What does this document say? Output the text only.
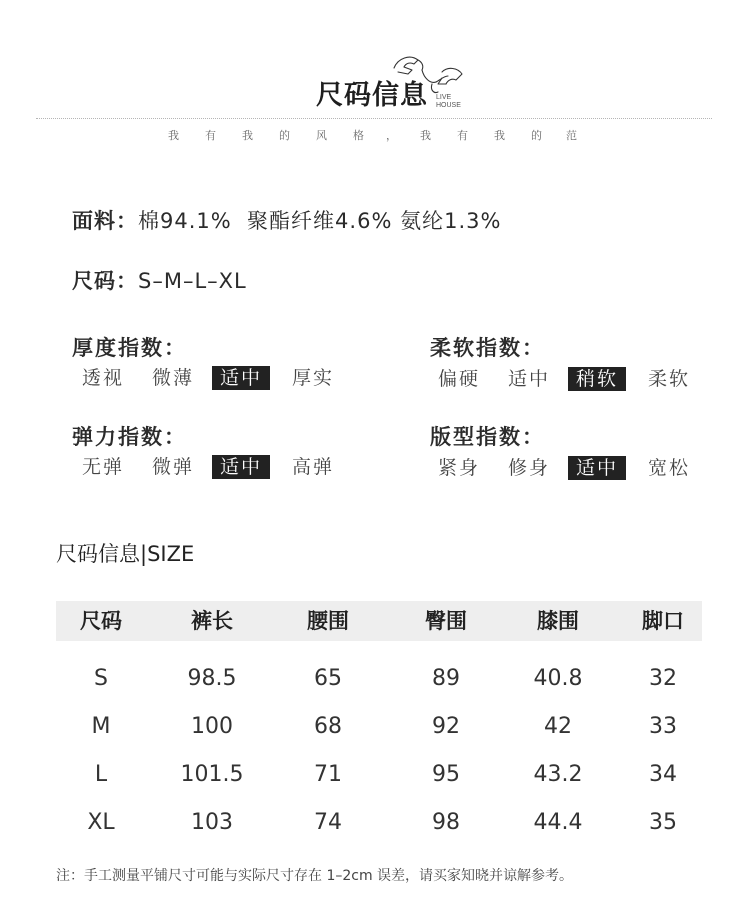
尺码信息 LIVE
HOUSE
我 有 我 的 风 格 ， 我 有 我 的 范
面料：棉94.1%  聚酯纤维4.6% 氨纶1.3%
尺码：S–M–L–XL
厚度指数：
透视 微薄	适中	厚实
柔软指数：
偏硬 适中	稍软	柔软
弹力指数：
无弹 微弹	适中	高弹
版型指数：
紧身 修身	适中	宽松
尺码信息|SIZE
尺码	裤长	腰围	臀围	膝围	脚口
S	98.5	65	89	40.8	32
M	100	68	92	42	33
L	101.5	71	95	43.2	34
XL	103	74	98	44.4	35
注：手工测量平铺尺寸可能与实际尺寸存在 1–2cm 误差，请买家知晓并谅解参考。
